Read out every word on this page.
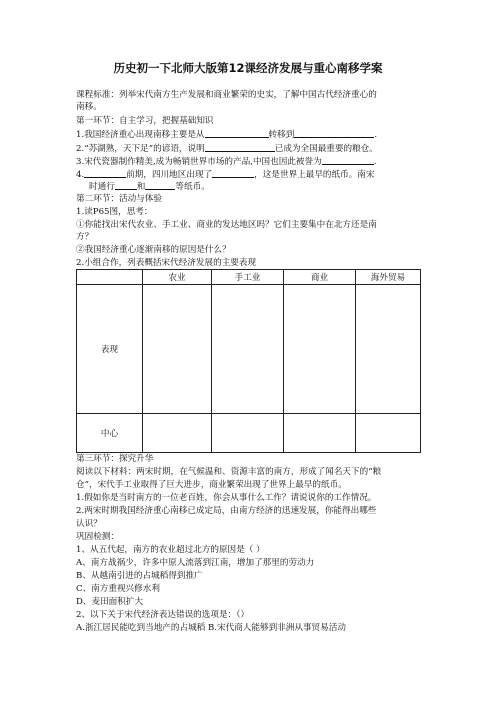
历史初一下北师大版第12课经济发展与重心南移学案
课程标准：列举宋代南方生产发展和商业繁荣的史实，了解中国古代经济重心的
南移。
第一环节：自主学习，把握基础知识
1.我国经济重心出现南移主要是从	转移到	.
2.“苏湖熟，天下足”的谚语，说明	已成为全国最重要的粮仓。
3.宋代瓷器制作精美,成为畅销世界市场的产品,中国也因此被誉为	.
4.	前期，四川地区出现了	，这是世界上最早的纸币。南宋
时通行	和	等纸币。
第二环节：活动与体验
1.读P65图，思考：
①你能找出宋代农业、手工业、商业的发达地区吗？它们主要集中在北方还是南
方？
②我国经济重心逐渐南移的原因是什么？
2.小组合作，列表概括宋代经济发展的主要表现
	农业	手工业	商业	海外贸易
表现				
中心				
第三环节：探究升华
阅读以下材料：两宋时期，在气候温和、资源丰富的南方，形成了闻名天下的“粮
仓”，宋代手工业取得了巨大进步，商业繁荣出现了世界上最早的纸币。
1.假如你是当时南方的一位老百姓，你会从事什么工作？请说说你的工作情况。
2.两宋时期我国经济重心南移已成定局，由南方经济的迅速发展，你能得出哪些
认识？
巩固检测：
1、从五代起，南方的农业超过北方的原因是（ ）
A、南方战祸少，许多中原人流落到江南，增加了那里的劳动力
B、从越南引进的占城稻得到推广
C、南方重视兴修水利
D、麦田面积扩大
2、以下关于宋代经济表达错误的选项是：（）
A.浙江居民能吃到当地产的占城稻 B.宋代商人能够到非洲从事贸易活动
